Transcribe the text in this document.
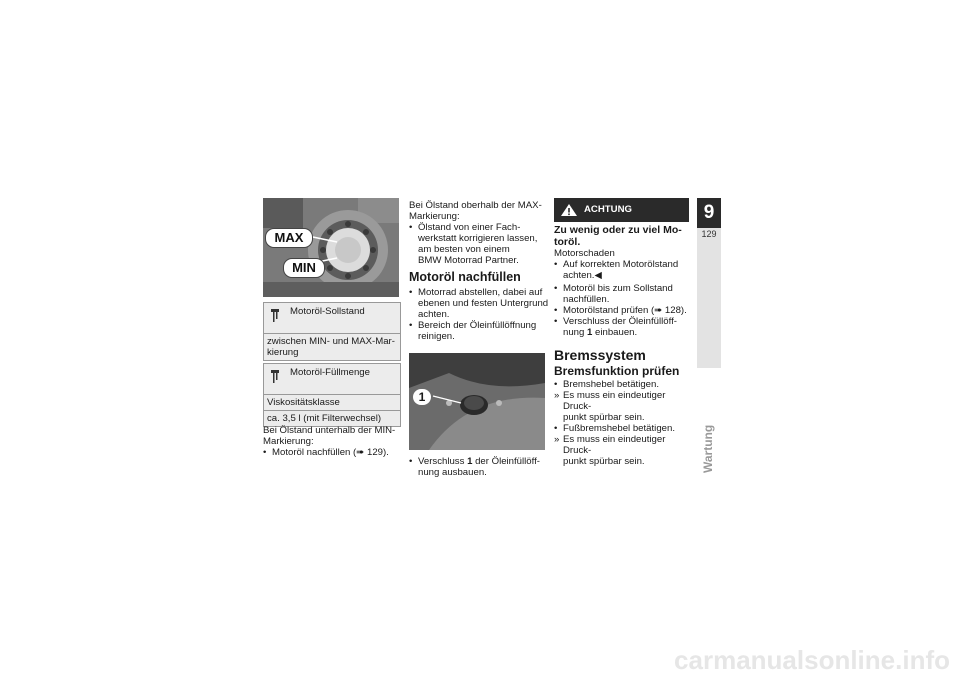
MAX
MIN
Motoröl-Sollstand
zwischen MIN- und MAX-Mar-
kierung
Motoröl-Füllmenge
Viskositätsklasse
ca. 3,5 l (mit Filterwechsel)
Bei Ölstand unterhalb der MIN-
Markierung:
• Motoröl nachfüllen (➠ 129).
Bei Ölstand oberhalb der MAX-
Markierung:
• Ölstand von einer Fach-
werkstatt korrigieren lassen,
am besten von einem
BMW Motorrad Partner.
Motoröl nachfüllen
• Motorrad abstellen, dabei auf
ebenen und festen Untergrund
achten.
• Bereich der Öleinfüllöffnung
reinigen.
1
• Verschluss 1 der Öleinfüllöff-
nung ausbauen.
ACHTUNG
Zu wenig oder zu viel Mo-
toröl.
Motorschaden
• Auf korrekten Motorölstand
achten.◀
• Motoröl bis zum Sollstand
nachfüllen.
• Motorölstand prüfen (➠ 128).
• Verschluss der Öleinfüllöff-
nung 1 einbauen.
Bremssystem
Bremsfunktion prüfen
• Bremshebel betätigen.
» Es muss ein eindeutiger Druck-
punkt spürbar sein.
• Fußbremshebel betätigen.
» Es muss ein eindeutiger Druck-
punkt spürbar sein.
9
129
Wartung
carmanualsonline.info
